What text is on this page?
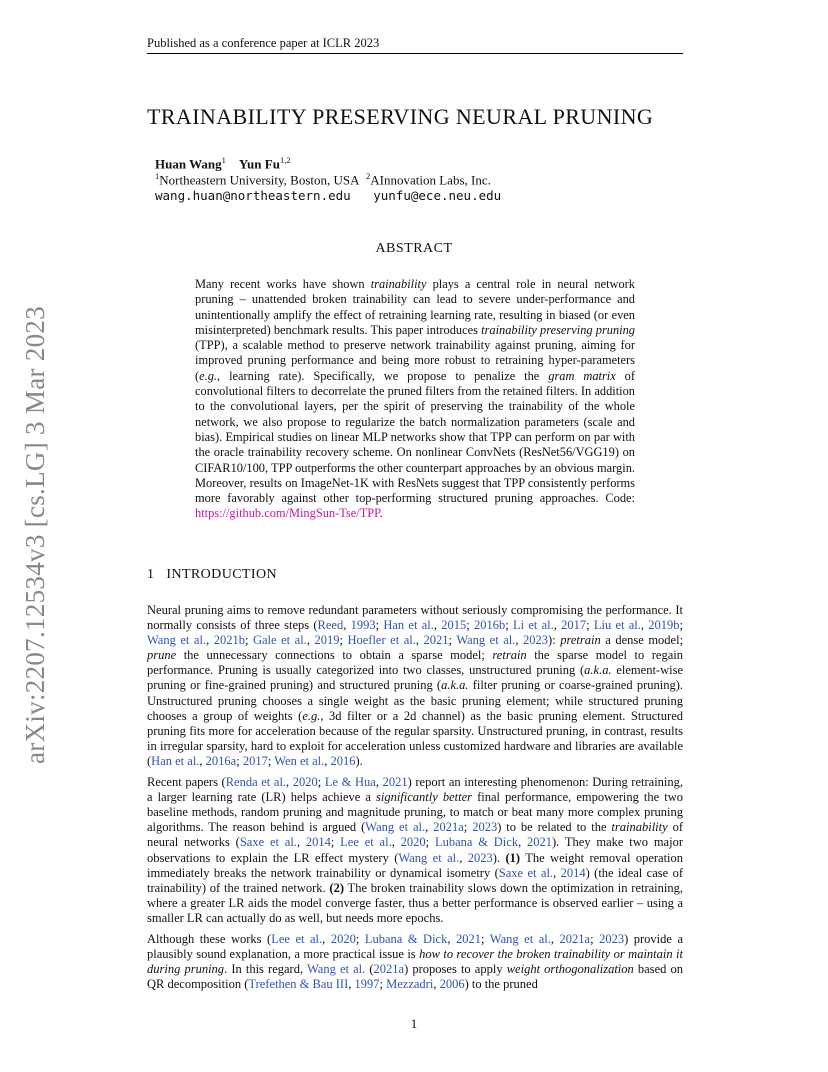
Published as a conference paper at ICLR 2023
arXiv:2207.12534v3 [cs.LG] 3 Mar 2023
TRAINABILITY PRESERVING NEURAL PRUNING
Huan Wang$^1$ Yun Fu$^{1,2}$
$^1$Northeastern University, Boston, USA $^2$AInnovation Labs, Inc.
wang.huan@northeastern.edu yunfu@ece.neu.edu
ABSTRACT
Many recent works have shown trainability plays a central role in neural network pruning – unattended broken trainability can lead to severe under-performance and unintentionally amplify the effect of retraining learning rate, resulting in biased (or even misinterpreted) benchmark results. This paper introduces trainability preserving pruning (TPP), a scalable method to preserve network trainability against pruning, aiming for improved pruning performance and being more robust to retraining hyper-parameters (e.g., learning rate). Specifically, we propose to penalize the gram matrix of convolutional filters to decorrelate the pruned filters from the retained filters. In addition to the convolutional layers, per the spirit of preserving the trainability of the whole network, we also propose to regularize the batch normalization parameters (scale and bias). Empirical studies on linear MLP networks show that TPP can perform on par with the oracle trainability recovery scheme. On nonlinear ConvNets (ResNet56/VGG19) on CIFAR10/100, TPP outperforms the other counterpart approaches by an obvious margin. Moreover, results on ImageNet-1K with ResNets suggest that TPP consistently performs more favorably against other top-performing structured pruning approaches. Code: https://github.com/MingSun-Tse/TPP.
1 INTRODUCTION

Neural pruning aims to remove redundant parameters without seriously compromising the performance. It normally consists of three steps (Reed, 1993; Han et al., 2015; 2016b; Li et al., 2017; Liu et al., 2019b; Wang et al., 2021b; Gale et al., 2019; Hoefler et al., 2021; Wang et al., 2023): pretrain a dense model; prune the unnecessary connections to obtain a sparse model; retrain the sparse model to regain performance. Pruning is usually categorized into two classes, unstructured pruning (a.k.a. element-wise pruning or fine-grained pruning) and structured pruning (a.k.a. filter pruning or coarse-grained pruning). Unstructured pruning chooses a single weight as the basic pruning element; while structured pruning chooses a group of weights (e.g., 3d filter or a 2d channel) as the basic pruning element. Structured pruning fits more for acceleration because of the regular sparsity. Unstructured pruning, in contrast, results in irregular sparsity, hard to exploit for acceleration unless customized hardware and libraries are available (Han et al., 2016a; 2017; Wen et al., 2016).

Recent papers (Renda et al., 2020; Le & Hua, 2021) report an interesting phenomenon: During retraining, a larger learning rate (LR) helps achieve a significantly better final performance, empowering the two baseline methods, random pruning and magnitude pruning, to match or beat many more complex pruning algorithms. The reason behind is argued (Wang et al., 2021a; 2023) to be related to the trainability of neural networks (Saxe et al., 2014; Lee et al., 2020; Lubana & Dick, 2021). They make two major observations to explain the LR effect mystery (Wang et al., 2023). (1) The weight removal operation immediately breaks the network trainability or dynamical isometry (Saxe et al., 2014) (the ideal case of trainability) of the trained network. (2) The broken trainability slows down the optimization in retraining, where a greater LR aids the model converge faster, thus a better performance is observed earlier – using a smaller LR can actually do as well, but needs more epochs.

Although these works (Lee et al., 2020; Lubana & Dick, 2021; Wang et al., 2021a; 2023) provide a plausibly sound explanation, a more practical issue is how to recover the broken trainability or maintain it during pruning. In this regard, Wang et al. (2021a) proposes to apply weight orthogonalization based on QR decomposition (Trefethen & Bau III, 1997; Mezzadri, 2006) to the pruned

1
